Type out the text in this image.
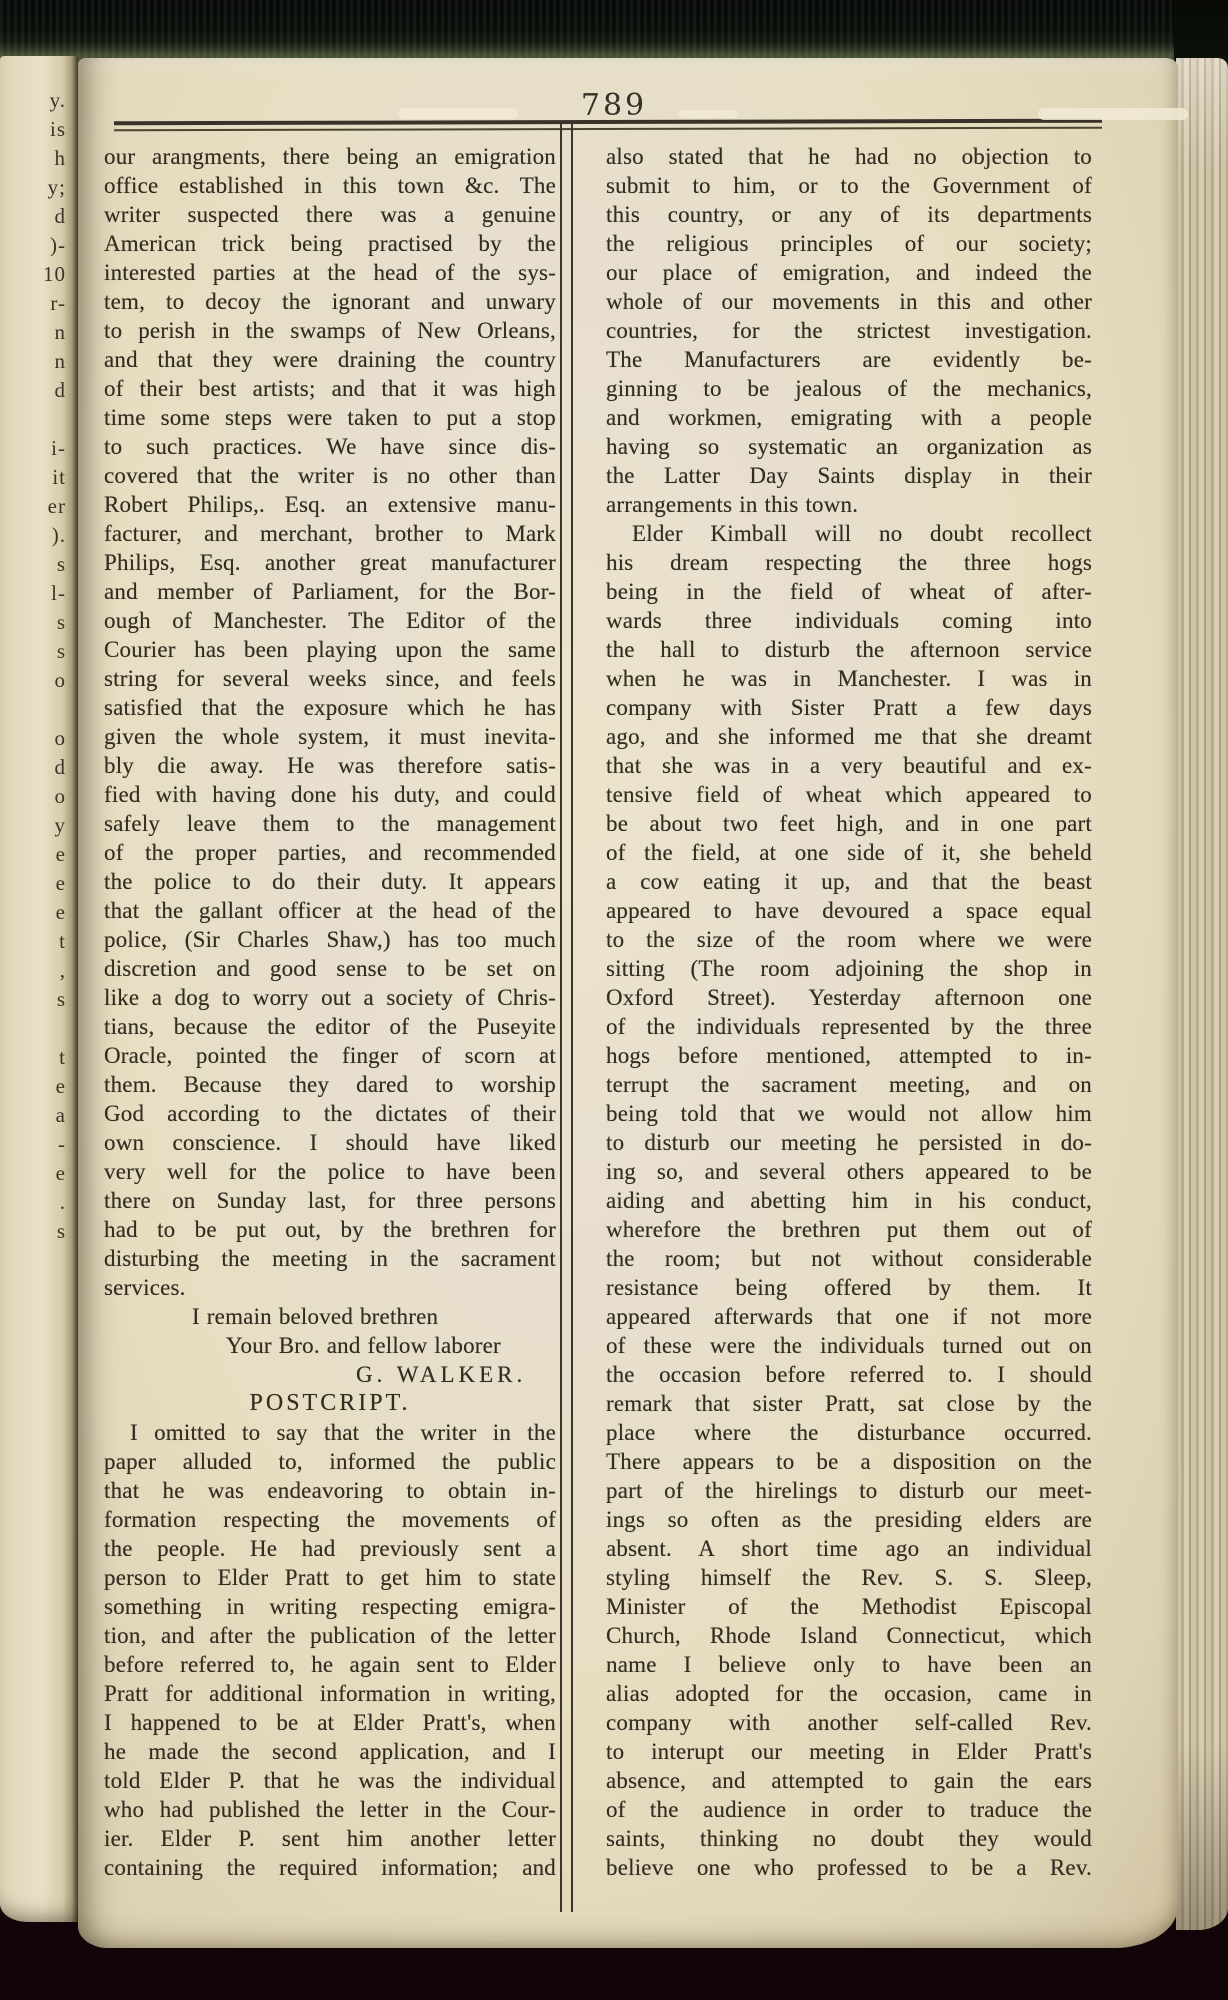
y.
is
h
y;
d
)-
10
r-
n
n
d
i-
it
er
).
s
l-
s
s
o
o
d
o
y
e
e
e
t
,
s
t
e
a
-
e
.
s
789
our arangments, there being an emigration
office established in this town &c. The
writer suspected there was a genuine
American trick being practised by the
interested parties at the head of the sys-
tem, to decoy the ignorant and unwary
to perish in the swamps of New Orleans,
and that they were draining the country
of their best artists; and that it was high
time some steps were taken to put a stop
to such practices. We have since dis-
covered that the writer is no other than
Robert Philips,. Esq. an extensive manu-
facturer, and merchant, brother to Mark
Philips, Esq. another great manufacturer
and member of Parliament, for the Bor-
ough of Manchester. The Editor of the
Courier has been playing upon the same
string for several weeks since, and feels
satisfied that the exposure which he has
given the whole system, it must inevita-
bly die away. He was therefore satis-
fied with having done his duty, and could
safely leave them to the management
of the proper parties, and recommended
the police to do their duty. It appears
that the gallant officer at the head of the
police, (Sir Charles Shaw,) has too much
discretion and good sense to be set on
like a dog to worry out a society of Chris-
tians, because the editor of the Puseyite
Oracle, pointed the finger of scorn at
them. Because they dared to worship
God according to the dictates of their
own conscience. I should have liked
very well for the police to have been
there on Sunday last, for three persons
had to be put out, by the brethren for
disturbing the meeting in the sacrament
services.
I remain beloved brethren
Your Bro. and fellow laborer
G. WALKER.
POSTCRIPT.
I omitted to say that the writer in the
paper alluded to, informed the public
that he was endeavoring to obtain in-
formation respecting the movements of
the people. He had previously sent a
person to Elder Pratt to get him to state
something in writing respecting emigra-
tion, and after the publication of the letter
before referred to, he again sent to Elder
Pratt for additional information in writing,
I happened to be at Elder Pratt's, when
he made the second application, and I
told Elder P. that he was the individual
who had published the letter in the Cour-
ier. Elder P. sent him another letter
containing the required information; and
also stated that he had no objection to
submit to him, or to the Government of
this country, or any of its departments
the religious principles of our society;
our place of emigration, and indeed the
whole of our movements in this and other
countries, for the strictest investigation.
The Manufacturers are evidently be-
ginning to be jealous of the mechanics,
and workmen, emigrating with a people
having so systematic an organization as
the Latter Day Saints display in their
arrangements in this town.
Elder Kimball will no doubt recollect
his dream respecting the three hogs
being in the field of wheat of after-
wards three individuals coming into
the hall to disturb the afternoon service
when he was in Manchester. I was in
company with Sister Pratt a few days
ago, and she informed me that she dreamt
that she was in a very beautiful and ex-
tensive field of wheat which appeared to
be about two feet high, and in one part
of the field, at one side of it, she beheld
a cow eating it up, and that the beast
appeared to have devoured a space equal
to the size of the room where we were
sitting (The room adjoining the shop in
Oxford Street). Yesterday afternoon one
of the individuals represented by the three
hogs before mentioned, attempted to in-
terrupt the sacrament meeting, and on
being told that we would not allow him
to disturb our meeting he persisted in do-
ing so, and several others appeared to be
aiding and abetting him in his conduct,
wherefore the brethren put them out of
the room; but not without considerable
resistance being offered by them. It
appeared afterwards that one if not more
of these were the individuals turned out on
the occasion before referred to. I should
remark that sister Pratt, sat close by the
place where the disturbance occurred.
There appears to be a disposition on the
part of the hirelings to disturb our meet-
ings so often as the presiding elders are
absent. A short time ago an individual
styling himself the Rev. S. S. Sleep,
Minister of the Methodist Episcopal
Church, Rhode Island Connecticut, which
name I believe only to have been an
alias adopted for the occasion, came in
company with another self-called Rev.
to interupt our meeting in Elder Pratt's
absence, and attempted to gain the ears
of the audience in order to traduce the
saints, thinking no doubt they would
believe one who professed to be a Rev.
